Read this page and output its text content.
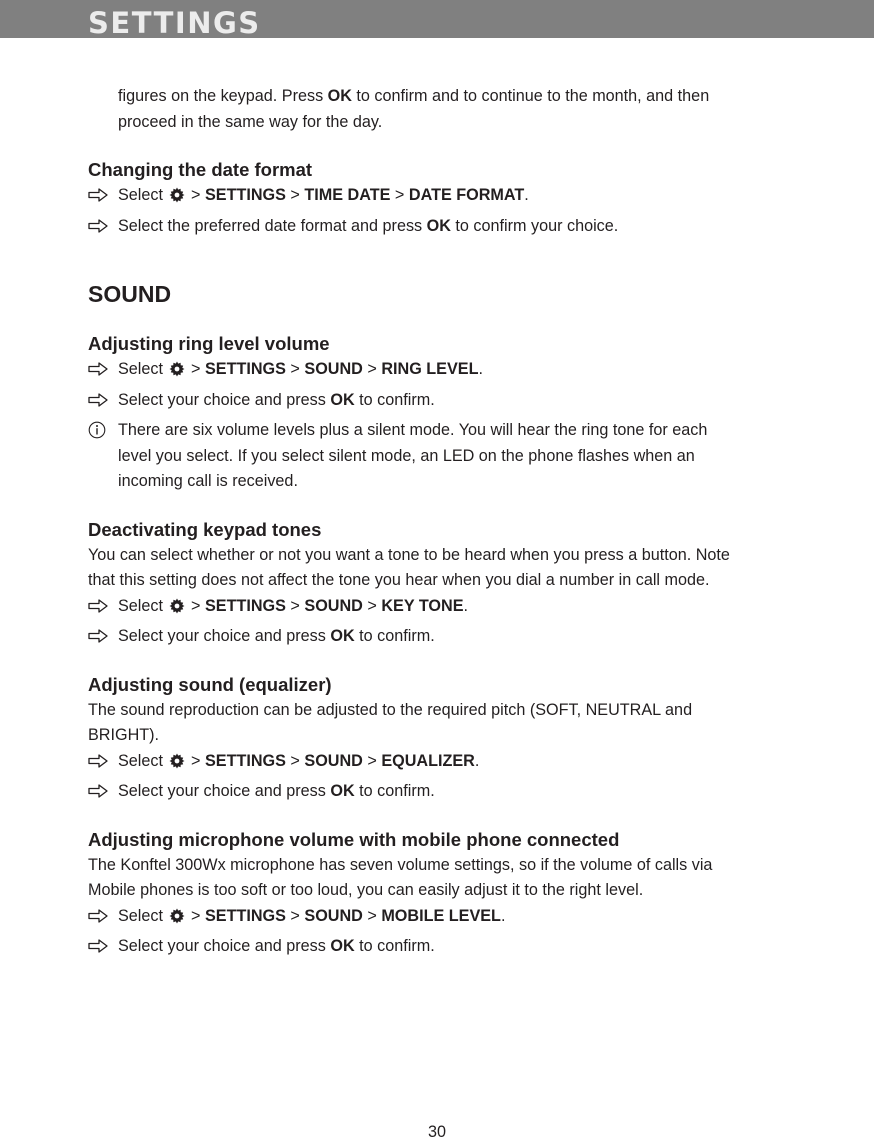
SETTINGS
figures on the keypad. Press OK to confirm and to continue to the month, and then
proceed in the same way for the day.
Changing the date format
Select > SETTINGS > TIME DATE > DATE FORMAT.
Select the preferred date format and press OK to confirm your choice.
SOUND
Adjusting ring level volume
Select > SETTINGS > SOUND > RING LEVEL.
Select your choice and press OK to confirm.
There are six volume levels plus a silent mode. You will hear the ring tone for each
level you select. If you select silent mode, an LED on the phone flashes when an
incoming call is received.
Deactivating keypad tones
You can select whether or not you want a tone to be heard when you press a button. Note
that this setting does not affect the tone you hear when you dial a number in call mode.
Select > SETTINGS > SOUND > KEY TONE.
Select your choice and press OK to confirm.
Adjusting sound (equalizer)
The sound reproduction can be adjusted to the required pitch (SOFT, NEUTRAL and
BRIGHT).
Select > SETTINGS > SOUND > EQUALIZER.
Select your choice and press OK to confirm.
Adjusting microphone volume with mobile phone connected
The Konftel 300Wx microphone has seven volume settings, so if the volume of calls via
Mobile phones is too soft or too loud, you can easily adjust it to the right level.
Select > SETTINGS > SOUND > MOBILE LEVEL.
Select your choice and press OK to confirm.
30
